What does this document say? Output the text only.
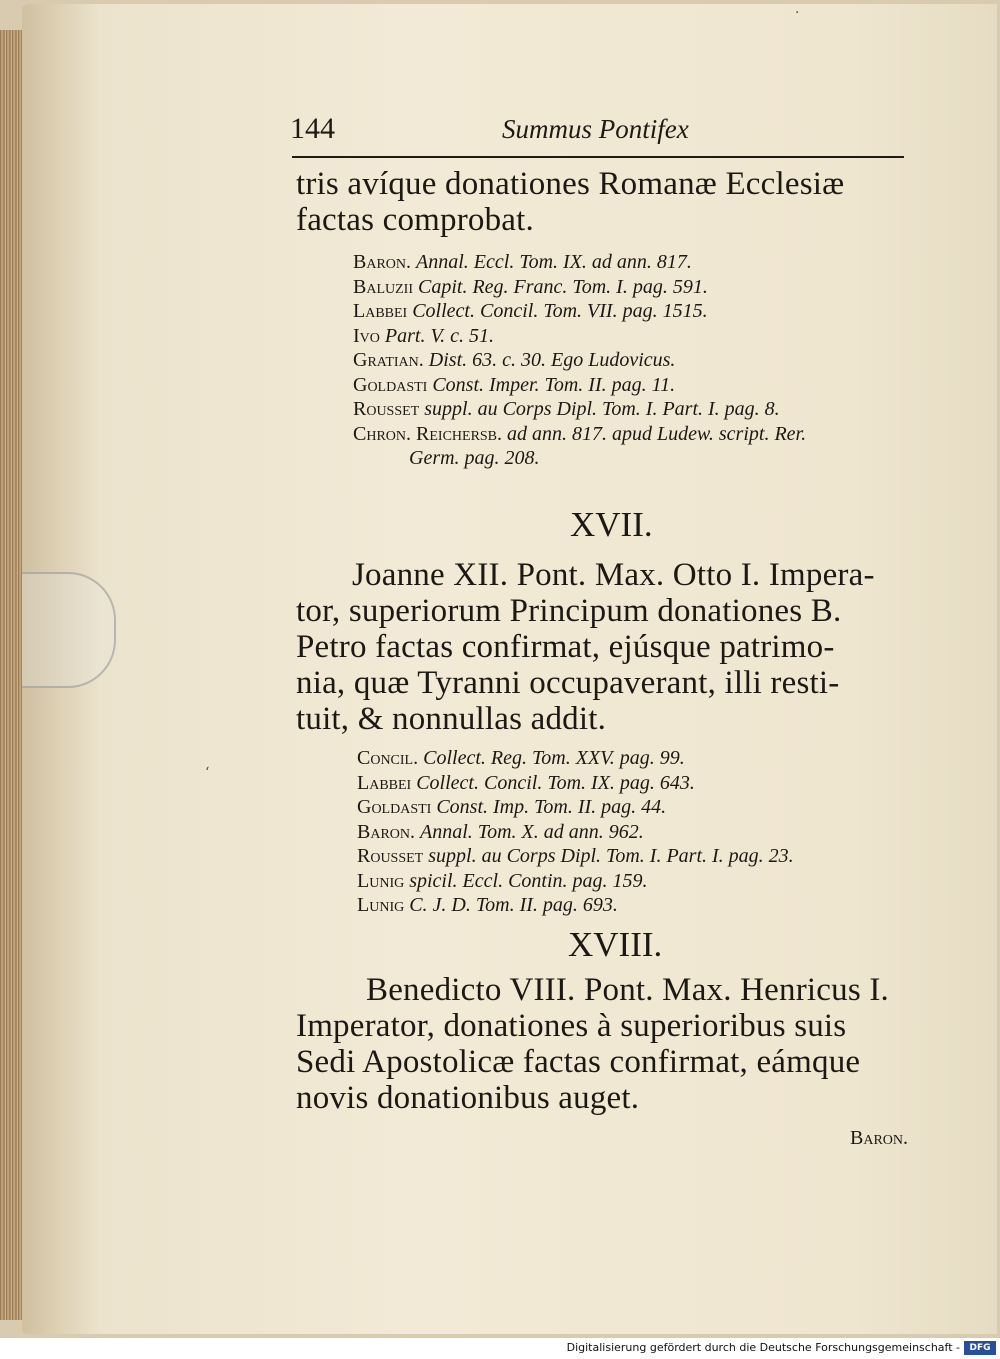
‘
·
144	Summus Pontifex
tris avíque donationes Romanæ Ecclesiæ
factas comprobat.
Baron. Annal. Eccl. Tom. IX. ad ann. 817.
Baluzii Capit. Reg. Franc. Tom. I. pag. 591.
Labbei Collect. Concil. Tom. VII. pag. 1515.
Ivo Part. V. c. 51.
Gratian. Dist. 63. c. 30. Ego Ludovicus.
Goldasti Const. Imper. Tom. II. pag. 11.
Rousset suppl. au Corps Dipl. Tom. I. Part. I. pag. 8.
Chron. Reichersb. ad ann. 817. apud Ludew. script. Rer.
Germ. pag. 208.
XVII.
Joanne XII. Pont. Max. Otto I. Impera-
tor, superiorum Principum donationes B.
Petro factas confirmat, ejúsque patrimo-
nia, quæ Tyranni occupaverant, illi resti-
tuit, & nonnullas addit.
Concil. Collect. Reg. Tom. XXV. pag. 99.
Labbei Collect. Concil. Tom. IX. pag. 643.
Goldasti Const. Imp. Tom. II. pag. 44.
Baron. Annal. Tom. X. ad ann. 962.
Rousset suppl. au Corps Dipl. Tom. I. Part. I. pag. 23.
Lunig spicil. Eccl. Contin. pag. 159.
Lunig C. J. D. Tom. II. pag. 693.
XVIII.
Benedicto VIII. Pont. Max. Henricus I.
Imperator, donationes à superioribus suis
Sedi Apostolicæ factas confirmat, eámque
novis donationibus auget.
Baron.
Digitalisierung gefördert durch die Deutsche Forschungsgemeinschaft -	DFG
